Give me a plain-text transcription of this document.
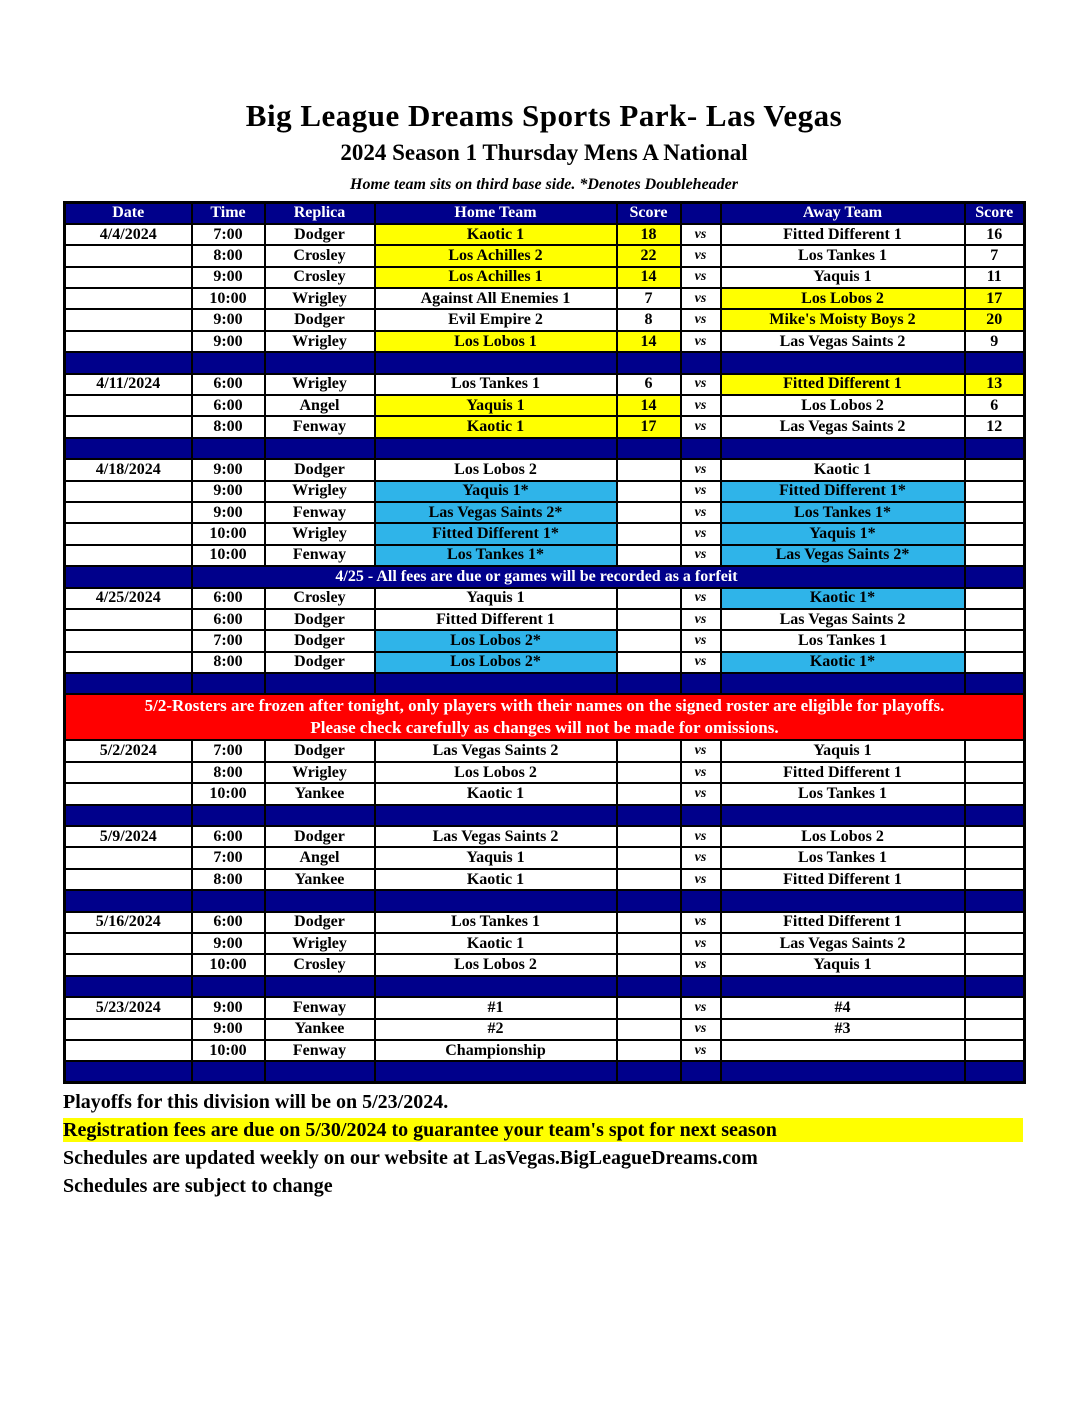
Big League Dreams Sports Park- Las Vegas
2024 Season 1 Thursday Mens A National
Home team sits on third base side. *Denotes Doubleheader
Date	Time	Replica	Home Team	Score		Away Team	Score
4/4/2024	7:00	Dodger	Kaotic 1	18	vs	Fitted Different 1	16
	8:00	Crosley	Los Achilles 2	22	vs	Los Tankes 1	7
	9:00	Crosley	Los Achilles 1	14	vs	Yaquis 1	11
	10:00	Wrigley	Against All Enemies 1	7	vs	Los Lobos 2	17
	9:00	Dodger	Evil Empire 2	8	vs	Mike's Moisty Boys 2	20
	9:00	Wrigley	Los Lobos 1	14	vs	Las Vegas Saints 2	9

4/11/2024	6:00	Wrigley	Los Tankes 1	6	vs	Fitted Different 1	13
	6:00	Angel	Yaquis 1	14	vs	Los Lobos 2	6
	8:00	Fenway	Kaotic 1	17	vs	Las Vegas Saints 2	12

4/18/2024	9:00	Dodger	Los Lobos 2		vs	Kaotic 1	
	9:00	Wrigley	Yaquis 1*		vs	Fitted Different 1*	
	9:00	Fenway	Las Vegas Saints 2*		vs	Los Tankes 1*	
	10:00	Wrigley	Fitted Different 1*		vs	Yaquis 1*	
	10:00	Fenway	Los Tankes 1*		vs	Las Vegas Saints 2*	
	4/25 - All fees are due or games will be recorded as a forfeit						
4/25/2024	6:00	Crosley	Yaquis 1		vs	Kaotic 1*	
	6:00	Dodger	Fitted Different 1		vs	Las Vegas Saints 2	
	7:00	Dodger	Los Lobos 2*		vs	Los Tankes 1	
	8:00	Dodger	Los Lobos 2*		vs	Kaotic 1*	

5/2-Rosters are frozen after tonight, only players with their names on the signed roster are eligible for playoffs.
Please check carefully as changes will not be made for omissions.							

5/2/2024	7:00	Dodger	Las Vegas Saints 2		vs	Yaquis 1	
	8:00	Wrigley	Los Lobos 2		vs	Fitted Different 1	
	10:00	Yankee	Kaotic 1		vs	Los Tankes 1	

5/9/2024	6:00	Dodger	Las Vegas Saints 2		vs	Los Lobos 2	
	7:00	Angel	Yaquis 1		vs	Los Tankes 1	
	8:00	Yankee	Kaotic 1		vs	Fitted Different 1	

5/16/2024	6:00	Dodger	Los Tankes 1		vs	Fitted Different 1	
	9:00	Wrigley	Kaotic 1		vs	Las Vegas Saints 2	
	10:00	Crosley	Los Lobos 2		vs	Yaquis 1	

5/23/2024	9:00	Fenway	#1		vs	#4	
	9:00	Yankee	#2		vs	#3	
	10:00	Fenway	Championship		vs		

Playoffs for this division will be on 5/23/2024.
Registration fees are due on 5/30/2024 to guarantee your team's spot for next season
Schedules are updated weekly on our website at LasVegas.BigLeagueDreams.com
Schedules are subject to change
